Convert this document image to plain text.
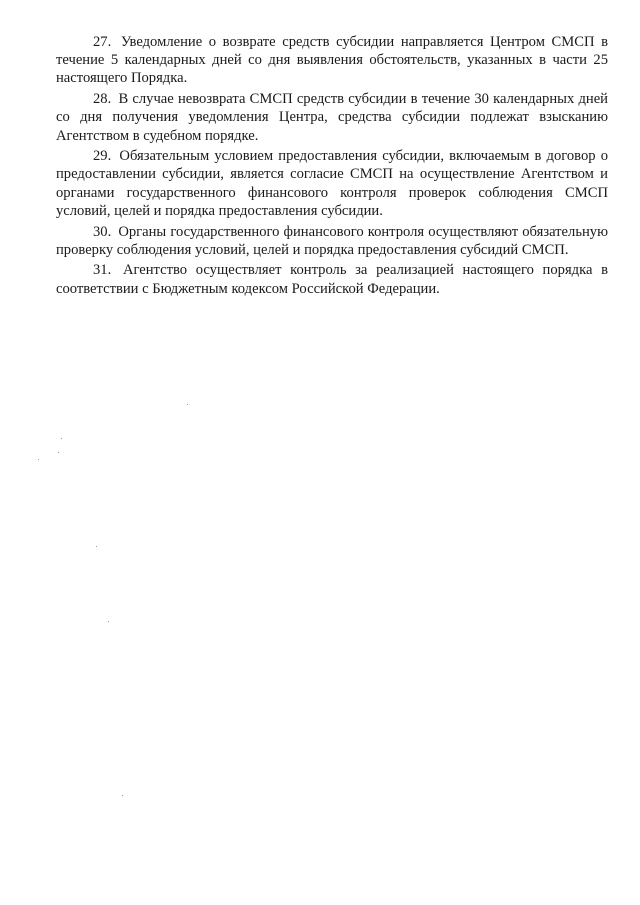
27. Уведомление о возврате средств субсидии направляется Центром СМСП в течение 5 календарных дней со дня выявления обстоятельств, указанных в части 25 настоящего Порядка.

28. В случае невозврата СМСП средств субсидии в течение 30 календарных дней со дня получения уведомления Центра, средства субсидии подлежат взысканию Агентством в судебном порядке.

29. Обязательным условием предоставления субсидии, включаемым в договор о предоставлении субсидии, является согласие СМСП на осуществление Агентством и органами государственного финансового контроля проверок соблюдения СМСП условий, целей и порядка предоставления субсидии.

30. Органы государственного финансового контроля осуществляют обязательную проверку соблюдения условий, целей и порядка предоставления субсидий СМСП.

31. Агентство осуществляет контроль за реализацией настоящего порядка в соответствии с Бюджетным кодексом Российской Федерации.
